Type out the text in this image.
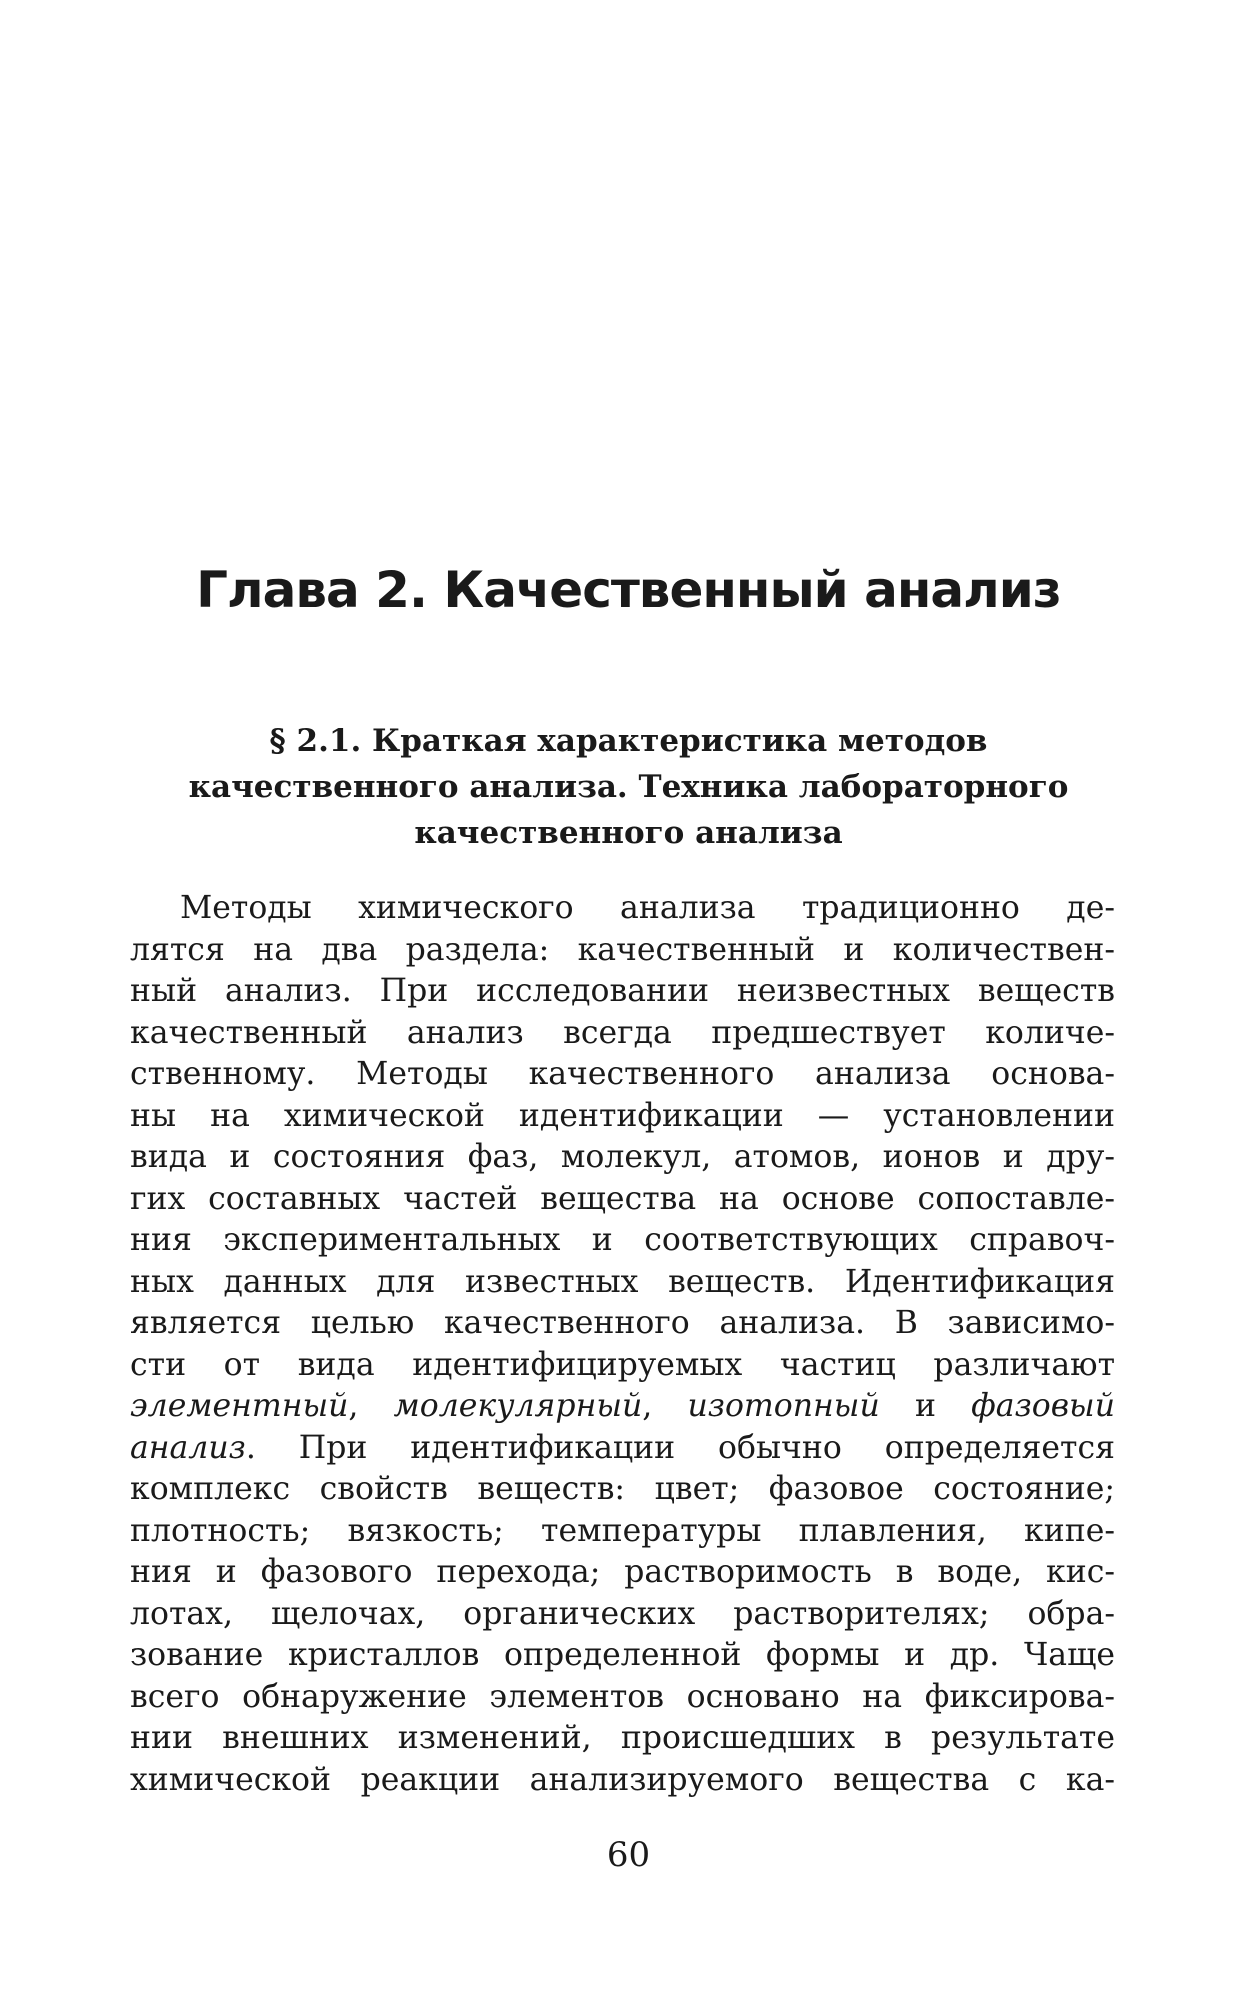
Глава 2. Качественный анализ
§ 2.1. Краткая характеристика методов
качественного анализа. Техника лабораторного
качественного анализа
Методы химического анализа традиционно де-
лятся на два раздела: качественный и количествен-
ный анализ. При исследовании неизвестных веществ
качественный анализ всегда предшествует количе-
ственному. Методы качественного анализа основа-
ны на химической идентификации — установлении
вида и состояния фаз, молекул, атомов, ионов и дру-
гих составных частей вещества на основе сопоставле-
ния экспериментальных и соответствующих справоч-
ных данных для известных веществ. Идентификация
является целью качественного анализа. В зависимо-
сти от вида идентифицируемых частиц различают
элементный, молекулярный, изотопный и фазовый
анализ. При идентификации обычно определяется
комплекс свойств веществ: цвет; фазовое состояние;
плотность; вязкость; температуры плавления, кипе-
ния и фазового перехода; растворимость в воде, кис-
лотах, щелочах, органических растворителях; обра-
зование кристаллов определенной формы и др. Чаще
всего обнаружение элементов основано на фиксирова-
нии внешних изменений, происшедших в результате
химической реакции анализируемого вещества с ка-
60
